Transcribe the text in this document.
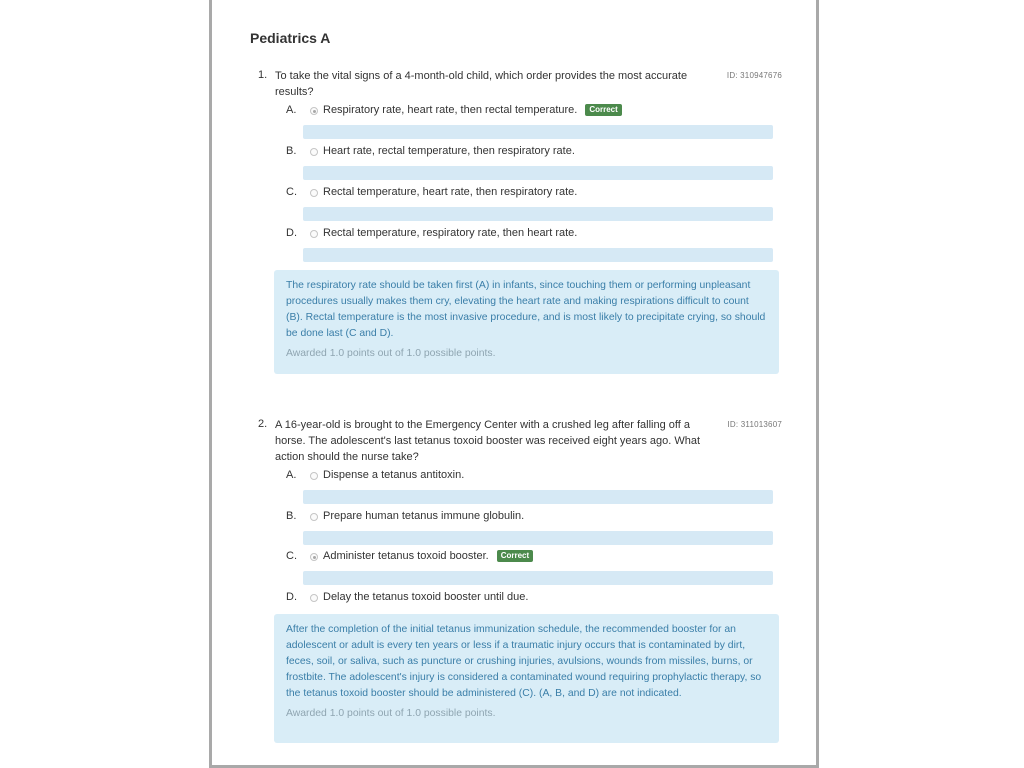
Pediatrics A
1. To take the vital signs of a 4-month-old child, which order provides the most accurate results?
ID: 310947676
A. Respiratory rate, heart rate, then rectal temperature. Correct
B. Heart rate, rectal temperature, then respiratory rate.
C. Rectal temperature, heart rate, then respiratory rate.
D. Rectal temperature, respiratory rate, then heart rate.

The respiratory rate should be taken first (A) in infants, since touching them or performing unpleasant procedures usually makes them cry, elevating the heart rate and making respirations difficult to count (B). Rectal temperature is the most invasive procedure, and is most likely to precipitate crying, so should be done last (C and D).

Awarded 1.0 points out of 1.0 possible points.
2. A 16-year-old is brought to the Emergency Center with a crushed leg after falling off a horse. The adolescent's last tetanus toxoid booster was received eight years ago. What action should the nurse take?
ID: 311013607
A. Dispense a tetanus antitoxin.
B. Prepare human tetanus immune globulin.
C. Administer tetanus toxoid booster. Correct
D. Delay the tetanus toxoid booster until due.

After the completion of the initial tetanus immunization schedule, the recommended booster for an adolescent or adult is every ten years or less if a traumatic injury occurs that is contaminated by dirt, feces, soil, or saliva, such as puncture or crushing injuries, avulsions, wounds from missiles, burns, or frostbite. The adolescent's injury is considered a contaminated wound requiring prophylactic therapy, so the tetanus toxoid booster should be administered (C). (A, B, and D) are not indicated.

Awarded 1.0 points out of 1.0 possible points.
